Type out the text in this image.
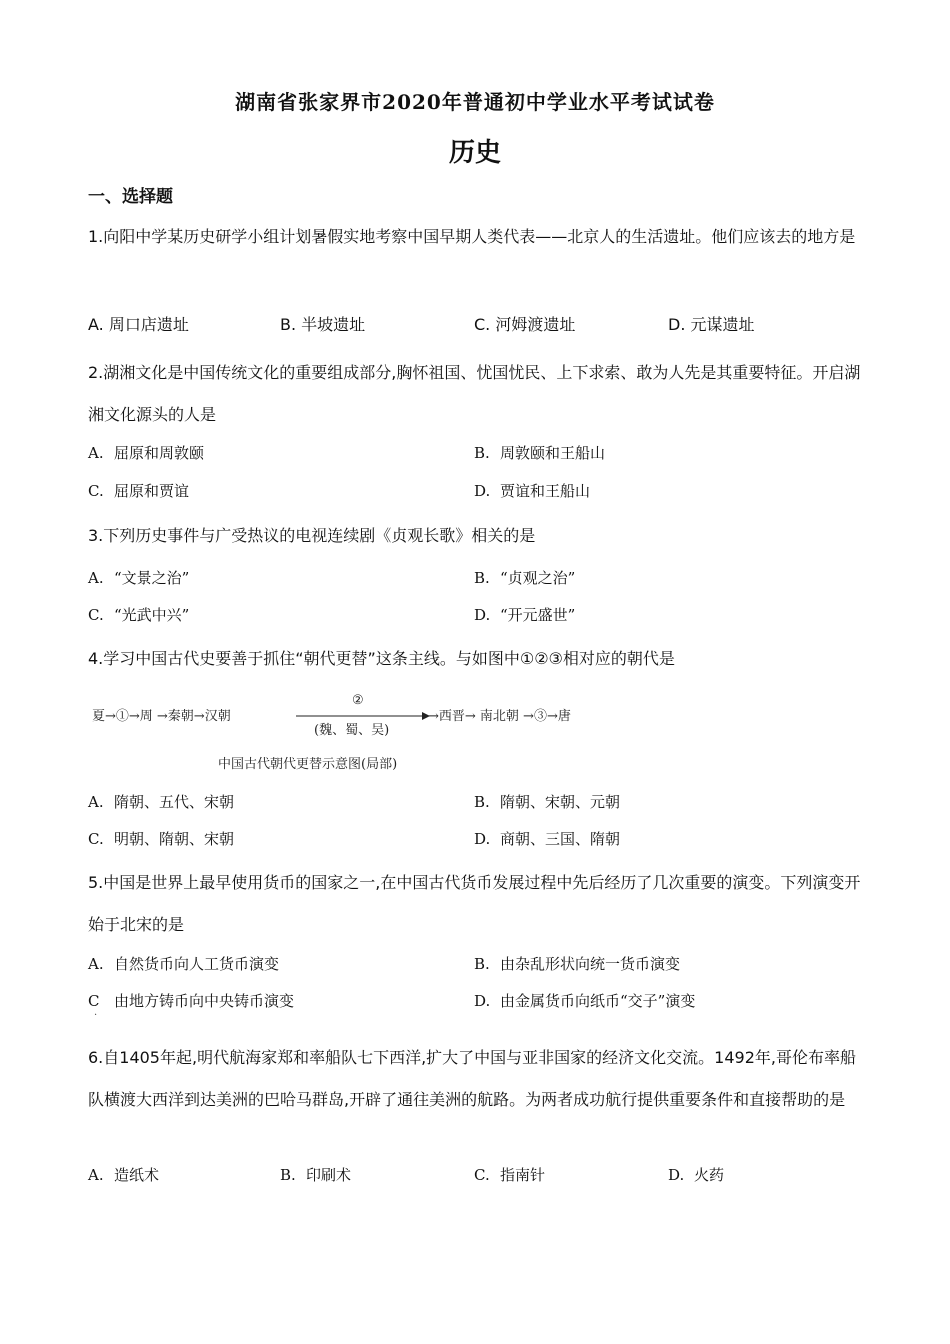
湖南省张家界市2020年普通初中学业水平考试试卷
历史
一、选择题
1.向阳中学某历史研学小组计划暑假实地考察中国早期人类代表——北京人的生活遗址。他们应该去的地方是
A. 周口店遗址	B. 半坡遗址	C. 河姆渡遗址	D. 元谋遗址
2.湖湘文化是中国传统文化的重要组成部分,胸怀祖国、忧国忧民、上下求索、敢为人先是其重要特征。开启湖湘文化源头的人是
A. 屈原和周敦颐	B. 周敦颐和王船山
C. 屈原和贾谊	D. 贾谊和王船山
3.下列历史事件与广受热议的电视连续剧《贞观长歌》相关的是
A. “文景之治”	B. “贞观之治”
C. “光武中兴”	D. “开元盛世”
4.学习中国古代史要善于抓住“朝代更替”这条主线。与如图中①②③相对应的朝代是
夏→①→周 →秦朝→汉朝
②
(魏、蜀、吴)
→西晋→ 南北朝 →③→唐
中国古代朝代更替示意图(局部)
A. 隋朝、五代、宋朝	B. 隋朝、宋朝、元朝
C. 明朝、隋朝、宋朝	D. 商朝、三国、隋朝
5.中国是世界上最早使用货币的国家之一,在中国古代货币发展过程中先后经历了几次重要的演变。下列演变开始于北宋的是
A. 自然货币向人工货币演变	B. 由杂乱形状向统一货币演变
C 由地方铸币向中央铸币演变	D. 由金属货币向纸币“交子”演变
·
6.自1405年起,明代航海家郑和率船队七下西洋,扩大了中国与亚非国家的经济文化交流。1492年,哥伦布率船队横渡大西洋到达美洲的巴哈马群岛,开辟了通往美洲的航路。为两者成功航行提供重要条件和直接帮助的是
A. 造纸术	B. 印刷术	C. 指南针	D. 火药
